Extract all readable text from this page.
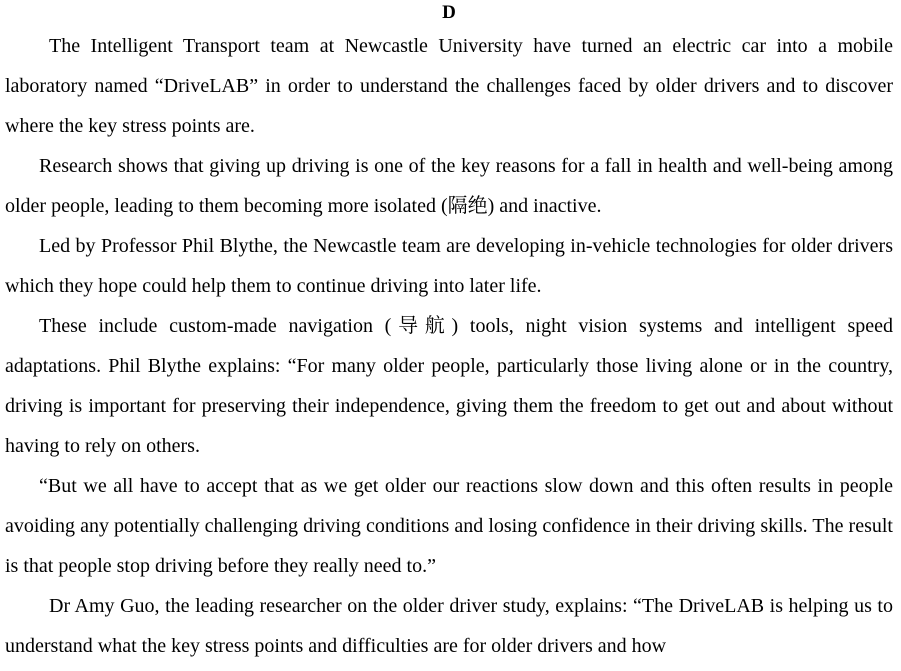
D

The Intelligent Transport team at Newcastle University have turned an electric car into a mobile laboratory named “DriveLAB” in order to understand the challenges faced by older drivers and to discover where the key stress points are.

Research shows that giving up driving is one of the key reasons for a fall in health and well-being among older people, leading to them becoming more isolated (隔绝) and inactive.

Led by Professor Phil Blythe, the Newcastle team are developing in-vehicle technologies for older drivers which they hope could help them to continue driving into later life.

These include custom-made navigation (导航) tools, night vision systems and intelligent speed adaptations. Phil Blythe explains: “For many older people, particularly those living alone or in the country, driving is important for preserving their independence, giving them the freedom to get out and about without having to rely on others.

“But we all have to accept that as we get older our reactions slow down and this often results in people avoiding any potentially challenging driving conditions and losing confidence in their driving skills. The result is that people stop driving before they really need to.”

Dr Amy Guo, the leading researcher on the older driver study, explains: “The DriveLAB is helping us to understand what the key stress points and difficulties are for older drivers and how
